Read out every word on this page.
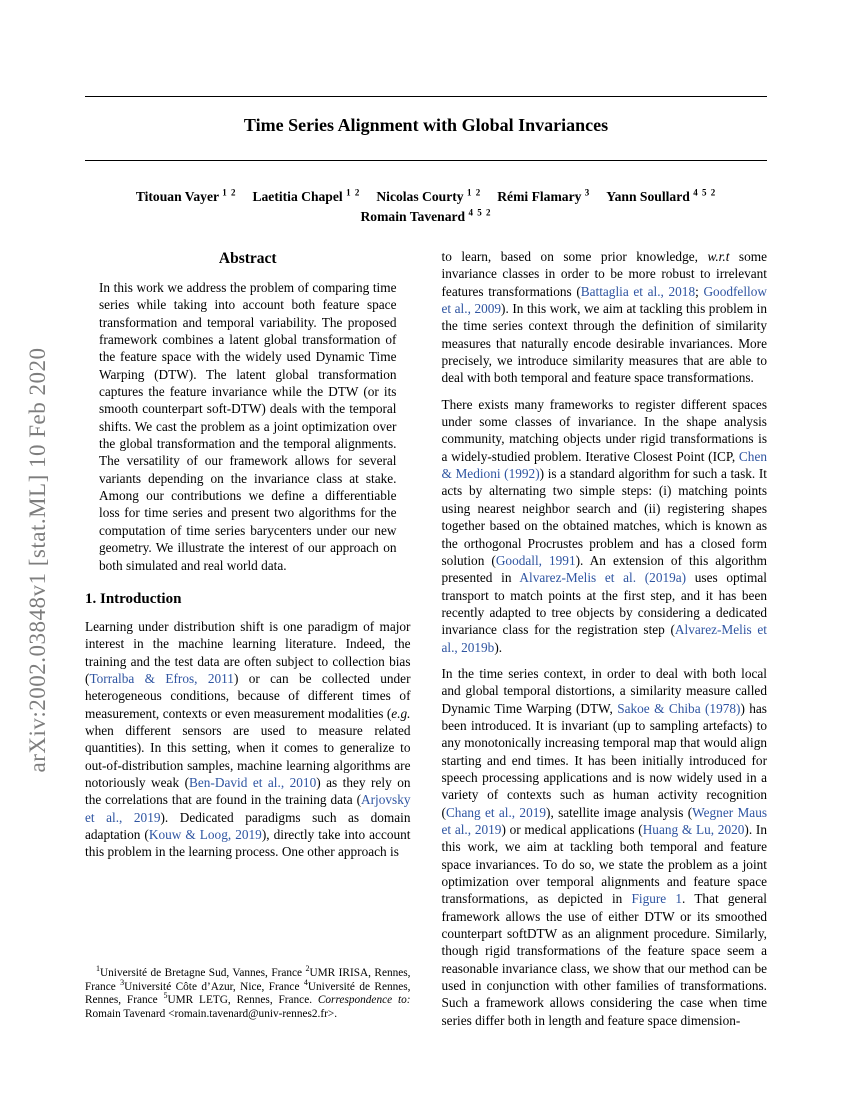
arXiv:2002.03848v1 [stat.ML] 10 Feb 2020
Time Series Alignment with Global Invariances
Titouan Vayer $^{1 2}$ Laetitia Chapel $^{1 2}$ Nicolas Courty $^{1 2}$ Rémi Flamary $^3$ Yann Soullard $^{4 5 2}$
Romain Tavenard $^{4 5 2}$
Abstract

In this work we address the problem of comparing time series while taking into account both feature space transformation and temporal variability. The proposed framework combines a latent global transformation of the feature space with the widely used Dynamic Time Warping (DTW). The latent global transformation captures the feature invariance while the DTW (or its smooth counterpart soft-DTW) deals with the temporal shifts. We cast the problem as a joint optimization over the global transformation and the temporal alignments. The versatility of our framework allows for several variants depending on the invariance class at stake. Among our contributions we define a differentiable loss for time series and present two algorithms for the computation of time series barycenters under our new geometry. We illustrate the interest of our approach on both simulated and real world data.

1. Introduction

Learning under distribution shift is one paradigm of major interest in the machine learning literature. Indeed, the training and the test data are often subject to collection bias (Torralba & Efros, 2011) or can be collected under heterogeneous conditions, because of different times of measurement, contexts or even measurement modalities (e.g. when different sensors are used to measure related quantities). In this setting, when it comes to generalize to out-of-distribution samples, machine learning algorithms are notoriously weak (Ben-David et al., 2010) as they rely on the correlations that are found in the training data (Arjovsky et al., 2019). Dedicated paradigms such as domain adaptation (Kouw & Loog, 2019), directly take into account this problem in the learning process. One other approach is

$^1$Université de Bretagne Sud, Vannes, France $^2$UMR IRISA, Rennes, France $^3$Université Côte d’Azur, Nice, France $^4$Université de Rennes, Rennes, France $^5$UMR LETG, Rennes, France. Correspondence to: Romain Tavenard <romain.tavenard@univ-rennes2.fr>.

to learn, based on some prior knowledge, w.r.t some invariance classes in order to be more robust to irrelevant features transformations (Battaglia et al., 2018; Goodfellow et al., 2009). In this work, we aim at tackling this problem in the time series context through the definition of similarity measures that naturally encode desirable invariances. More precisely, we introduce similarity measures that are able to deal with both temporal and feature space transformations.

There exists many frameworks to register different spaces under some classes of invariance. In the shape analysis community, matching objects under rigid transformations is a widely-studied problem. Iterative Closest Point (ICP, Chen & Medioni (1992)) is a standard algorithm for such a task. It acts by alternating two simple steps: (i) matching points using nearest neighbor search and (ii) registering shapes together based on the obtained matches, which is known as the orthogonal Procrustes problem and has a closed form solution (Goodall, 1991). An extension of this algorithm presented in Alvarez-Melis et al. (2019a) uses optimal transport to match points at the first step, and it has been recently adapted to tree objects by considering a dedicated invariance class for the registration step (Alvarez-Melis et al., 2019b).

In the time series context, in order to deal with both local and global temporal distortions, a similarity measure called Dynamic Time Warping (DTW, Sakoe & Chiba (1978)) has been introduced. It is invariant (up to sampling artefacts) to any monotonically increasing temporal map that would align starting and end times. It has been initially introduced for speech processing applications and is now widely used in a variety of contexts such as human activity recognition (Chang et al., 2019), satellite image analysis (Wegner Maus et al., 2019) or medical applications (Huang & Lu, 2020). In this work, we aim at tackling both temporal and feature space invariances. To do so, we state the problem as a joint optimization over temporal alignments and feature space transformations, as depicted in Figure 1. That general framework allows the use of either DTW or its smoothed counterpart softDTW as an alignment procedure. Similarly, though rigid transformations of the feature space seem a reasonable invariance class, we show that our method can be used in conjunction with other families of transformations. Such a framework allows considering the case when time series differ both in length and feature space dimension-
